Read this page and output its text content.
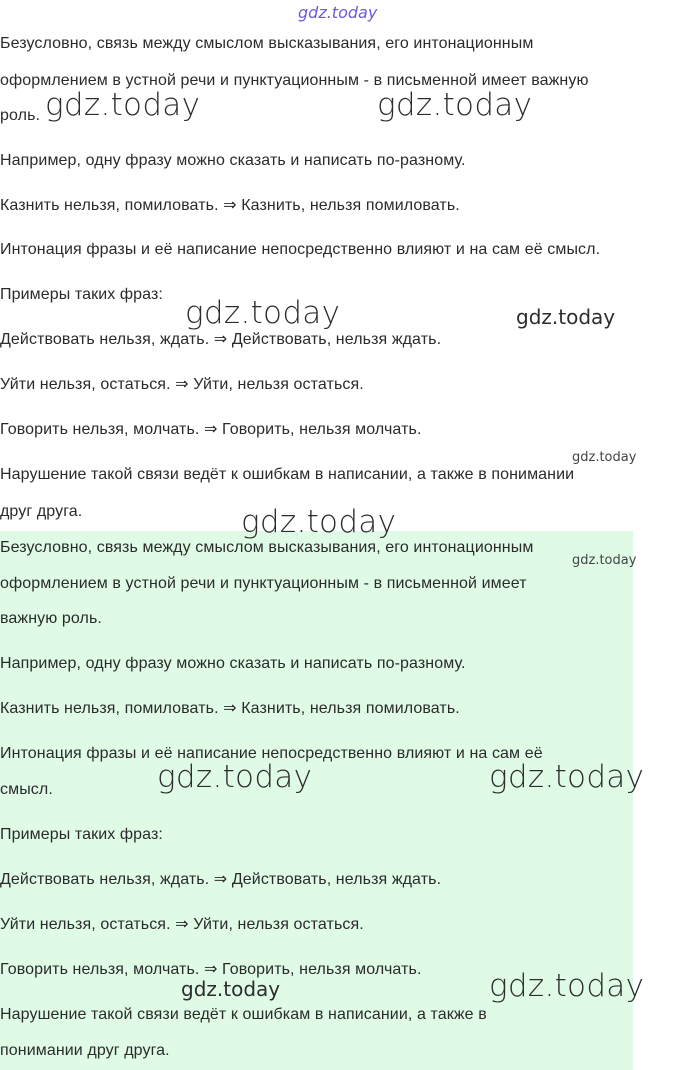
Безусловно, связь между смыслом высказывания, его интонационным

оформлением в устной речи и пунктуационным - в письменной имеет важную

роль.

Например, одну фразу можно сказать и написать по-разному.

Казнить нельзя, помиловать. ⇒ Казнить, нельзя помиловать.

Интонация фразы и её написание непосредственно влияют и на сам её смысл.

Примеры таких фраз:

Действовать нельзя, ждать. ⇒ Действовать, нельзя ждать.

Уйти нельзя, остаться. ⇒ Уйти, нельзя остаться.

Говорить нельзя, молчать. ⇒ Говорить, нельзя молчать.

Нарушение такой связи ведёт к ошибкам в написании, а также в понимании

друг друга.

Безусловно, связь между смыслом высказывания, его интонационным

оформлением в устной речи и пунктуационным - в письменной имеет

важную роль.

Например, одну фразу можно сказать и написать по-разному.

Казнить нельзя, помиловать. ⇒ Казнить, нельзя помиловать.

Интонация фразы и её написание непосредственно влияют и на сам её

смысл.

Примеры таких фраз:

Действовать нельзя, ждать. ⇒ Действовать, нельзя ждать.

Уйти нельзя, остаться. ⇒ Уйти, нельзя остаться.

Говорить нельзя, молчать. ⇒ Говорить, нельзя молчать.

Нарушение такой связи ведёт к ошибкам в написании, а также в

понимании друг друга.

gdz.today
gdz.today	gdz.today
gdz.today	gdz.today
gdz.today
gdz.today
gdz.today
gdz.today	gdz.today
gdz.today	gdz.today
